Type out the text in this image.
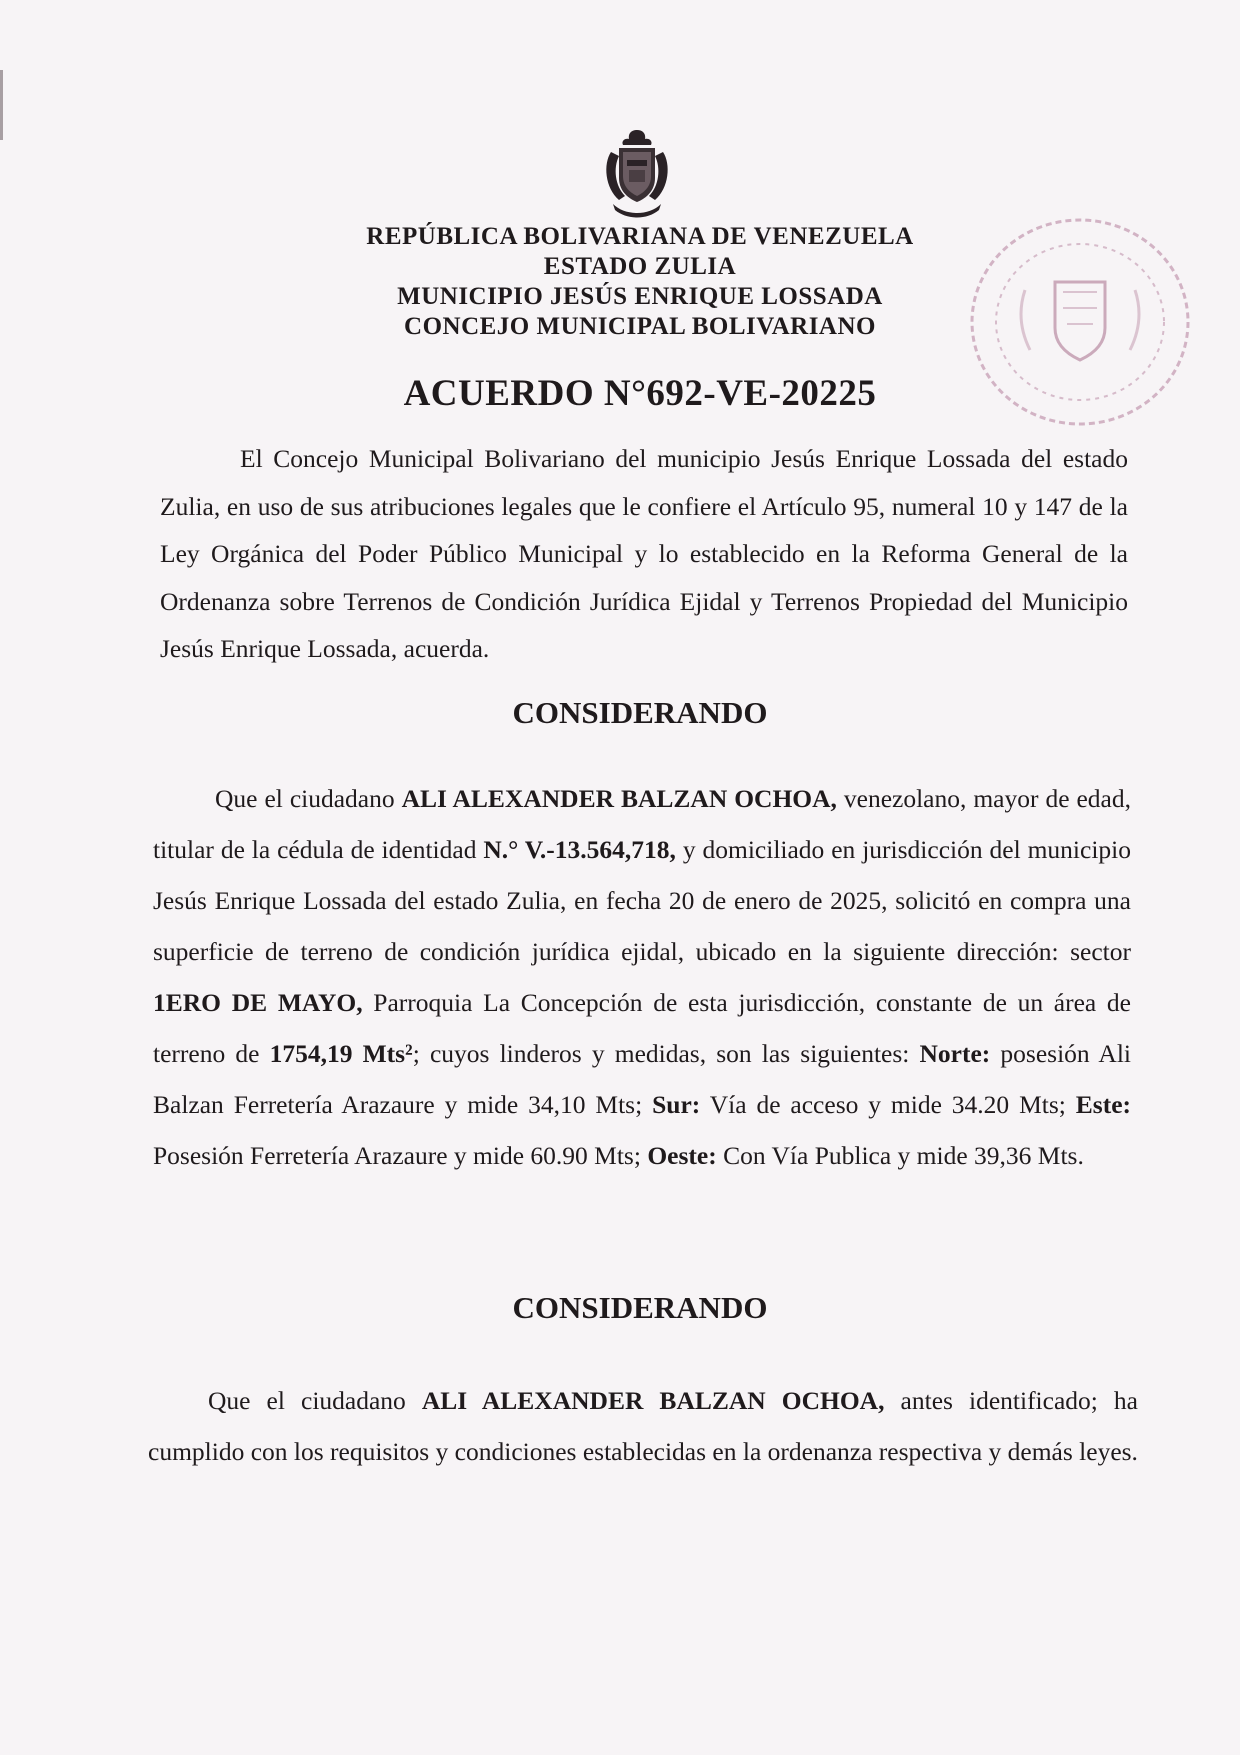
REPÚBLICA BOLIVARIANA DE VENEZUELA
ESTADO ZULIA
MUNICIPIO JESÚS ENRIQUE LOSSADA
CONCEJO MUNICIPAL BOLIVARIANO
ACUERDO N°692-VE-20225

El Concejo Municipal Bolivariano del municipio Jesús Enrique Lossada del estado Zulia, en uso de sus atribuciones legales que le confiere el Artículo 95, numeral 10 y 147 de la Ley Orgánica del Poder Público Municipal y lo establecido en la Reforma General de la Ordenanza sobre Terrenos de Condición Jurídica Ejidal y Terrenos Propiedad del Municipio Jesús Enrique Lossada, acuerda.

CONSIDERANDO

Que el ciudadano ALI ALEXANDER BALZAN OCHOA, venezolano, mayor de edad, titular de la cédula de identidad N.° V.-13.564,718, y domiciliado en jurisdicción del municipio Jesús Enrique Lossada del estado Zulia, en fecha 20 de enero de 2025, solicitó en compra una superficie de terreno de condición jurídica ejidal, ubicado en la siguiente dirección: sector 1ERO DE MAYO, Parroquia La Concepción de esta jurisdicción, constante de un área de terreno de 1754,19 Mts²; cuyos linderos y medidas, son las siguientes: Norte: posesión Ali Balzan Ferretería Arazaure y mide 34,10 Mts; Sur: Vía de acceso y mide 34.20 Mts; Este: Posesión Ferretería Arazaure y mide 60.90 Mts; Oeste: Con Vía Publica y mide 39,36 Mts.

CONSIDERANDO

Que el ciudadano ALI ALEXANDER BALZAN OCHOA, antes identificado; ha cumplido con los requisitos y condiciones establecidas en la ordenanza respectiva y demás leyes.
